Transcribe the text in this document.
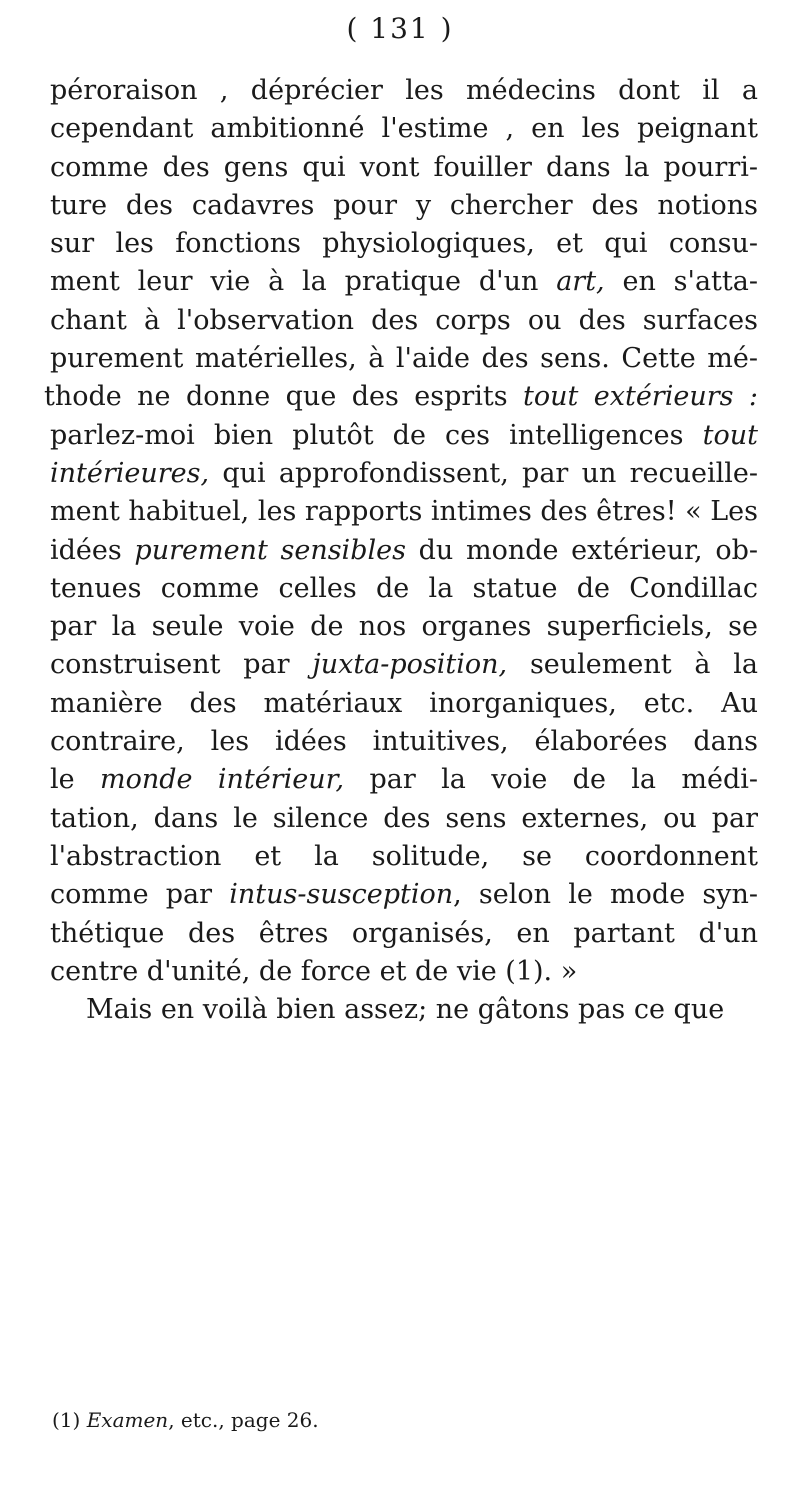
( 131 )
péroraison , déprécier les médecins dont il a
cependant ambitionné l'estime , en les peignant
comme des gens qui vont fouiller dans la pourri-
ture des cadavres pour y chercher des notions
sur les fonctions physiologiques, et qui consu-
ment leur vie à la pratique d'un art, en s'atta-
chant à l'observation des corps ou des surfaces
purement matérielles, à l'aide des sens. Cette mé-
thode ne donne que des esprits tout extérieurs :
parlez-moi bien plutôt de ces intelligences tout
intérieures, qui approfondissent, par un recueille-
ment habituel, les rapports intimes des êtres! « Les
idées purement sensibles du monde extérieur, ob-
tenues comme celles de la statue de Condillac
par la seule voie de nos organes superficiels, se
construisent par juxta-position, seulement à la
manière des matériaux inorganiques, etc. Au
contraire, les idées intuitives, élaborées dans
le monde intérieur, par la voie de la médi-
tation, dans le silence des sens externes, ou par
l'abstraction et la solitude, se coordonnent
comme par intus-susception, selon le mode syn-
thétique des êtres organisés, en partant d'un
centre d'unité, de force et de vie (1). »
Mais en voilà bien assez; ne gâtons pas ce que
(1) Examen, etc., page 26.
